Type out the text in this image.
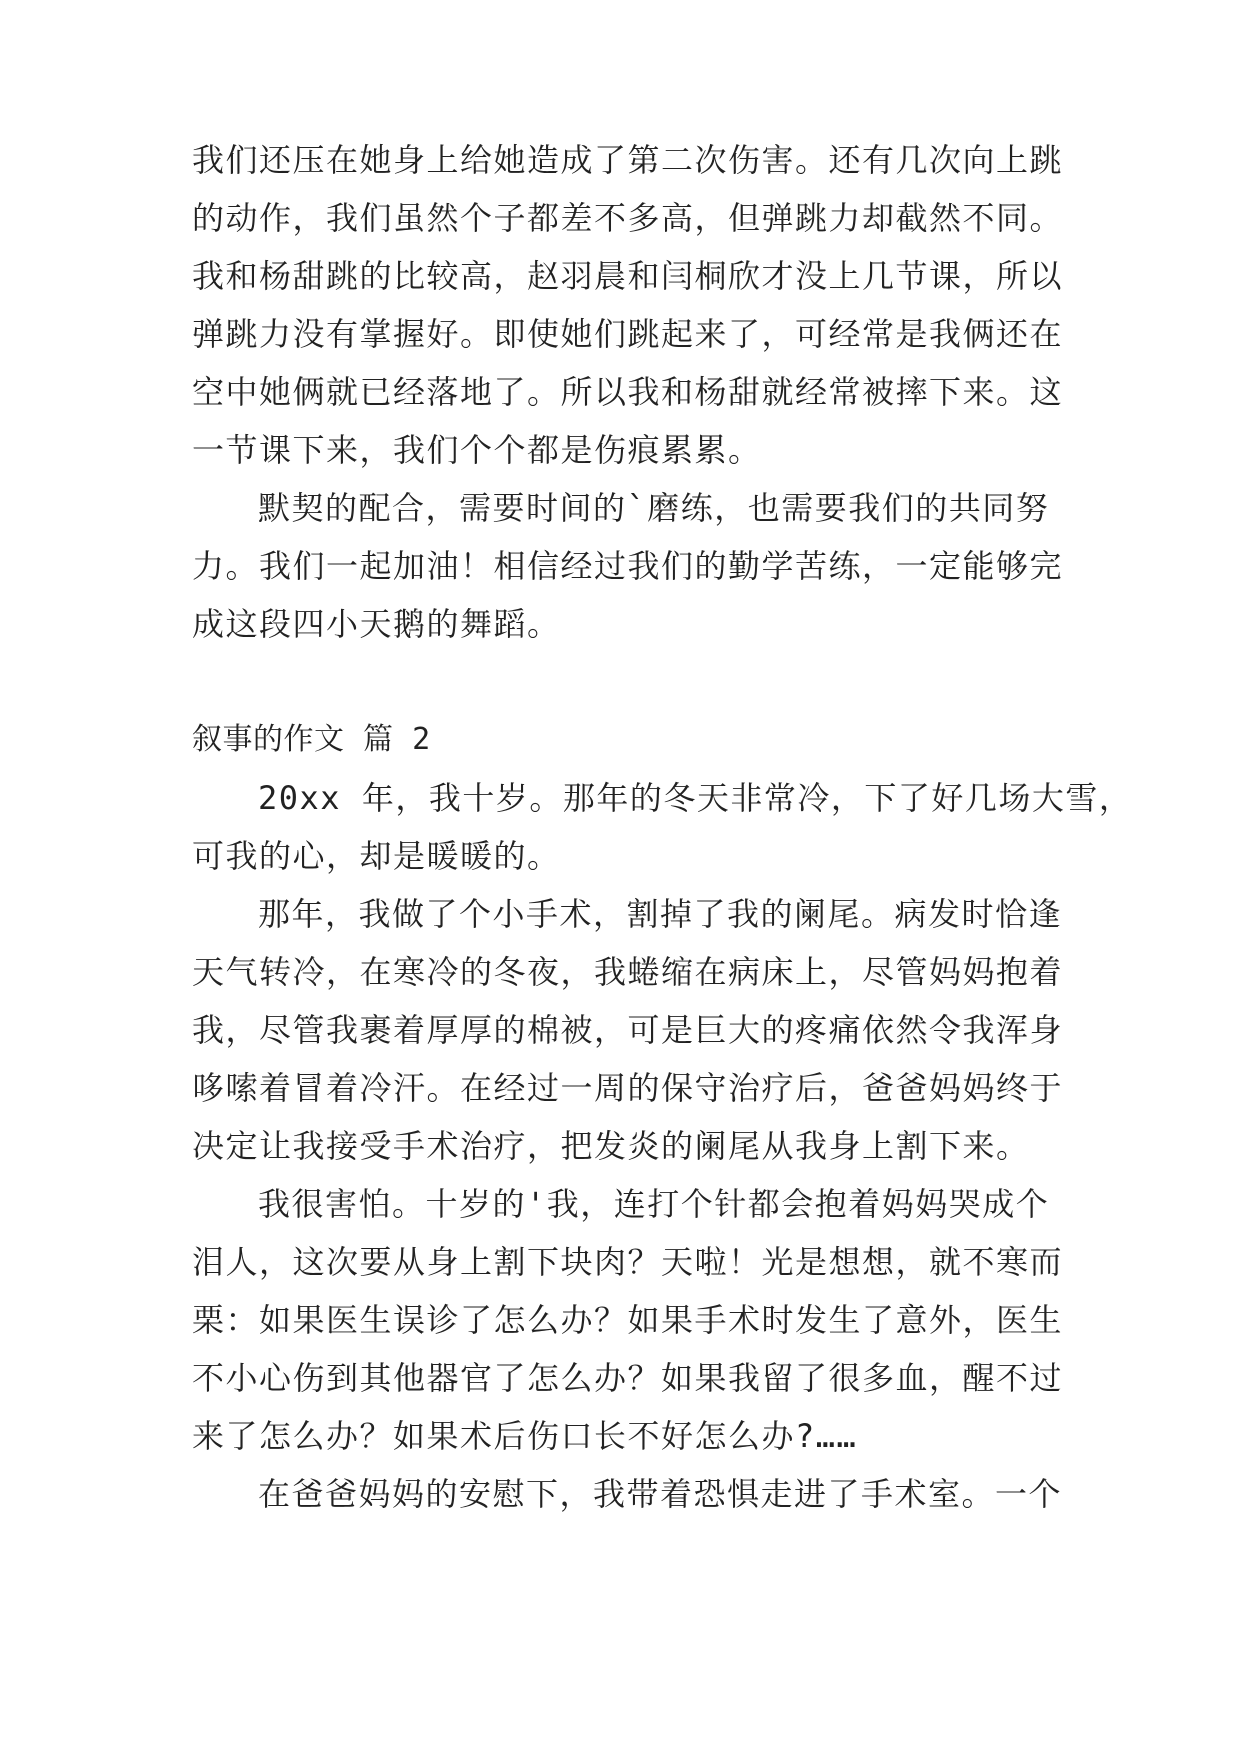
我们还压在她身上给她造成了第二次伤害。还有几次向上跳
的动作，我们虽然个子都差不多高，但弹跳力却截然不同。
我和杨甜跳的比较高，赵羽晨和闫桐欣才没上几节课，所以
弹跳力没有掌握好。即使她们跳起来了，可经常是我俩还在
空中她俩就已经落地了。所以我和杨甜就经常被摔下来。这
一节课下来，我们个个都是伤痕累累。
默契的配合，需要时间的`磨练，也需要我们的共同努
力。我们一起加油！相信经过我们的勤学苦练，一定能够完
成这段四小天鹅的舞蹈。
叙事的作文 篇 2
20xx 年，我十岁。那年的冬天非常冷，下了好几场大雪，
可我的心，却是暖暖的。
那年，我做了个小手术，割掉了我的阑尾。病发时恰逢
天气转冷，在寒冷的冬夜，我蜷缩在病床上，尽管妈妈抱着
我，尽管我裹着厚厚的棉被，可是巨大的疼痛依然令我浑身
哆嗦着冒着冷汗。在经过一周的保守治疗后，爸爸妈妈终于
决定让我接受手术治疗，把发炎的阑尾从我身上割下来。
我很害怕。十岁的'我，连打个针都会抱着妈妈哭成个
泪人，这次要从身上割下块肉？天啦！光是想想，就不寒而
栗：如果医生误诊了怎么办？如果手术时发生了意外，医生
不小心伤到其他器官了怎么办？如果我留了很多血，醒不过
来了怎么办？如果术后伤口长不好怎么办?……
在爸爸妈妈的安慰下，我带着恐惧走进了手术室。一个
